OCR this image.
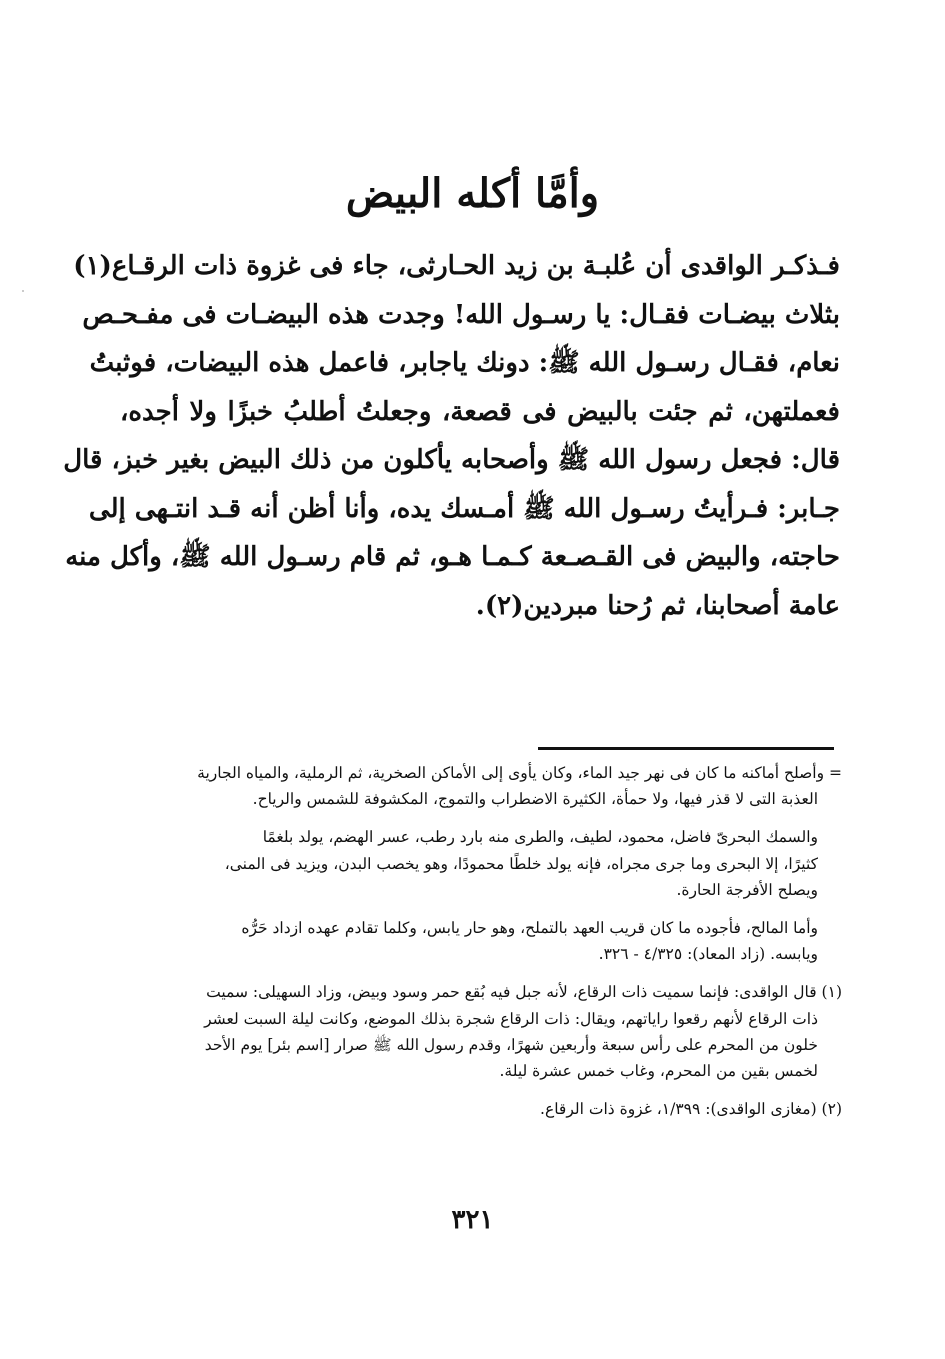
وأمَّا أكله البيض
فـذكـر الواقدى أن عُلبـة بن زيد الحـارثى، جاء فى غزوة ذات الرقـاع(١)
بثلاث بيضـات فقـال: يا رسـول الله! وجدت هذه البيضـات فى مفـحـص
نعام، فقـال رسـول الله ﷺ: دونك ياجابر، فاعمل هذه البيضات، فوثبتُ
فعملتهن، ثم جئت بالبيض فى قصعة، وجعلتُ أطلبُ خبزًا ولا أجده،
قال: فجعل رسول الله ﷺ وأصحابه يأكلون من ذلك البيض بغير خبز، قال
جـابر: فـرأيتُ رسـول الله ﷺ أمـسك يده، وأنا أظن أنه قـد انتـهى إلى
حاجته، والبيض فى القـصـعة كـمـا هـو، ثم قام رسـول الله ﷺ، وأكل منه
عامة أصحابنا، ثم رُحنا مبردين(٢).
= وأصلح أماكنه ما كان فى نهر جيد الماء، وكان يأوى إلى الأماكن الصخرية، ثم الرملية، والمياه الجارية
العذبة التى لا قذر فيها، ولا حمأة، الكثيرة الاضطراب والتموج، المكشوفة للشمس والرياح.
والسمك البحرىّ فاضل، محمود، لطيف، والطرى منه بارد رطب، عسر الهضم، يولد بلغمًا
كثيرًا، إلا البحرى وما جرى مجراه، فإنه يولد خلطًا محمودًا، وهو يخصب البدن، ويزيد فى المنى،
ويصلح الأفرجة الحارة.
وأما المالح، فأجوده ما كان قريب العهد بالتملح، وهو حار يابس، وكلما تقادم عهده ازداد حَرُّه
ويابسه. (زاد المعاد): ٤/٣٢٥ - ٣٢٦.
(١) قال الواقدى: فإنما سميت ذات الرقاع، لأنه جبل فيه بُقع حمر وسود وبيض، وزاد السهيلى: سميت
ذات الرقاع لأنهم رقعوا راياتهم، ويقال: ذات الرقاع شجرة بذلك الموضع، وكانت ليلة السبت لعشر
خلون من المحرم على رأس سبعة وأربعين شهرًا، وقدم رسول الله ﷺ صرار [اسم بئر] يوم الأحد
لخمس بقين من المحرم، وغاب خمس عشرة ليلة.
(٢) (مغازى الواقدى): ١/٣٩٩، غزوة ذات الرقاع.
٣٢١
